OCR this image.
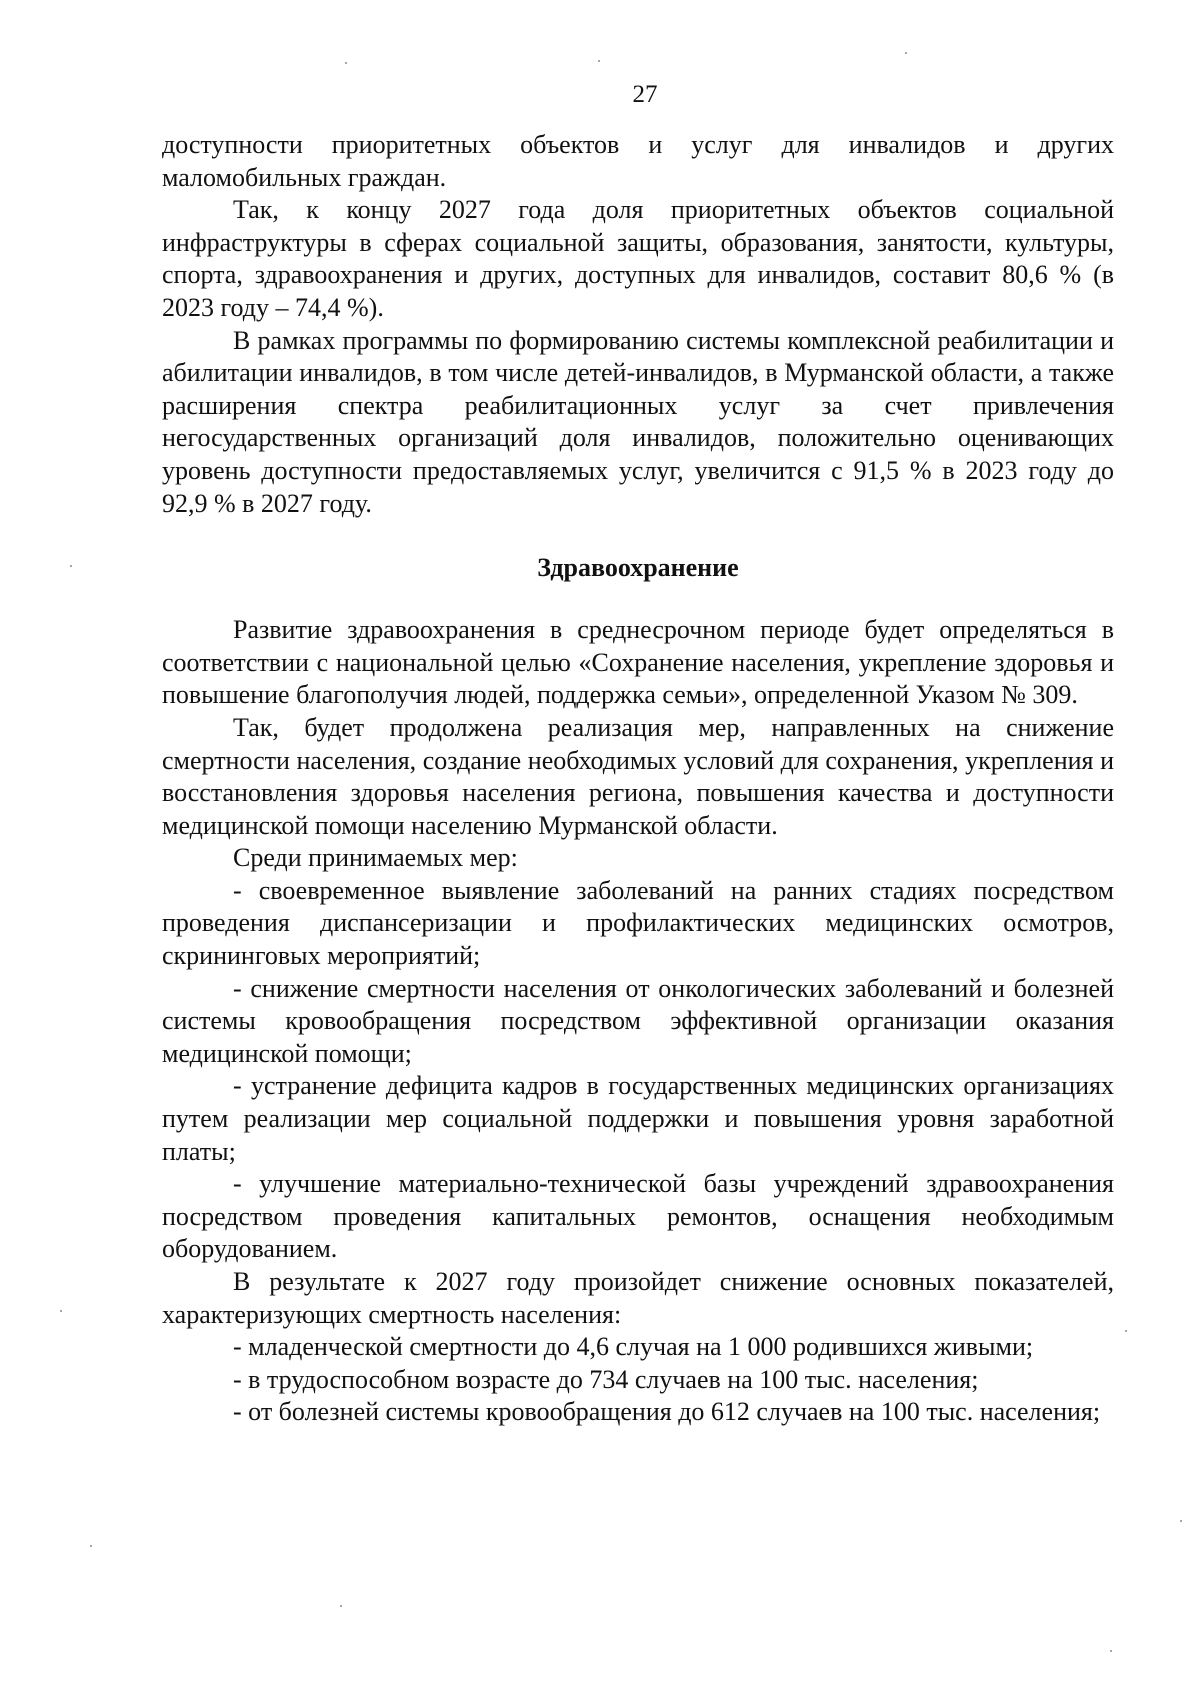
27

доступности приоритетных объектов и услуг для инвалидов и других маломобильных граждан.

Так, к концу 2027 года доля приоритетных объектов социальной инфраструктуры в сферах социальной защиты, образования, занятости, культуры, спорта, здравоохранения и других, доступных для инвалидов, составит 80,6 % (в 2023 году – 74,4 %).

В рамках программы по формированию системы комплексной реабилитации и абилитации инвалидов, в том числе детей-инвалидов, в Мурманской области, а также расширения спектра реабилитационных услуг за счет привлечения негосударственных организаций доля инвалидов, положительно оценивающих уровень доступности предоставляемых услуг, увеличится с 91,5 % в 2023 году до 92,9 % в 2027 году.

Здравоохранение

Развитие здравоохранения в среднесрочном периоде будет определяться в соответствии с национальной целью «Сохранение населения, укрепление здоровья и повышение благополучия людей, поддержка семьи», определенной Указом № 309.

Так, будет продолжена реализация мер, направленных на снижение смертности населения, создание необходимых условий для сохранения, укрепления и восстановления здоровья населения региона, повышения качества и доступности медицинской помощи населению Мурманской области.

Среди принимаемых мер:

- своевременное выявление заболеваний на ранних стадиях посредством проведения диспансеризации и профилактических медицинских осмотров, скрининговых мероприятий;

- снижение смертности населения от онкологических заболеваний и болезней системы кровообращения посредством эффективной организации оказания медицинской помощи;

- устранение дефицита кадров в государственных медицинских организациях путем реализации мер социальной поддержки и повышения уровня заработной платы;

- улучшение материально-технической базы учреждений здравоохранения посредством проведения капитальных ремонтов, оснащения необходимым оборудованием.

В результате к 2027 году произойдет снижение основных показателей, характеризующих смертность населения:

- младенческой смертности до 4,6 случая на 1 000 родившихся живыми;

- в трудоспособном возрасте до 734 случаев на 100 тыс. населения;

- от болезней системы кровообращения до 612 случаев на 100 тыс. населения;
